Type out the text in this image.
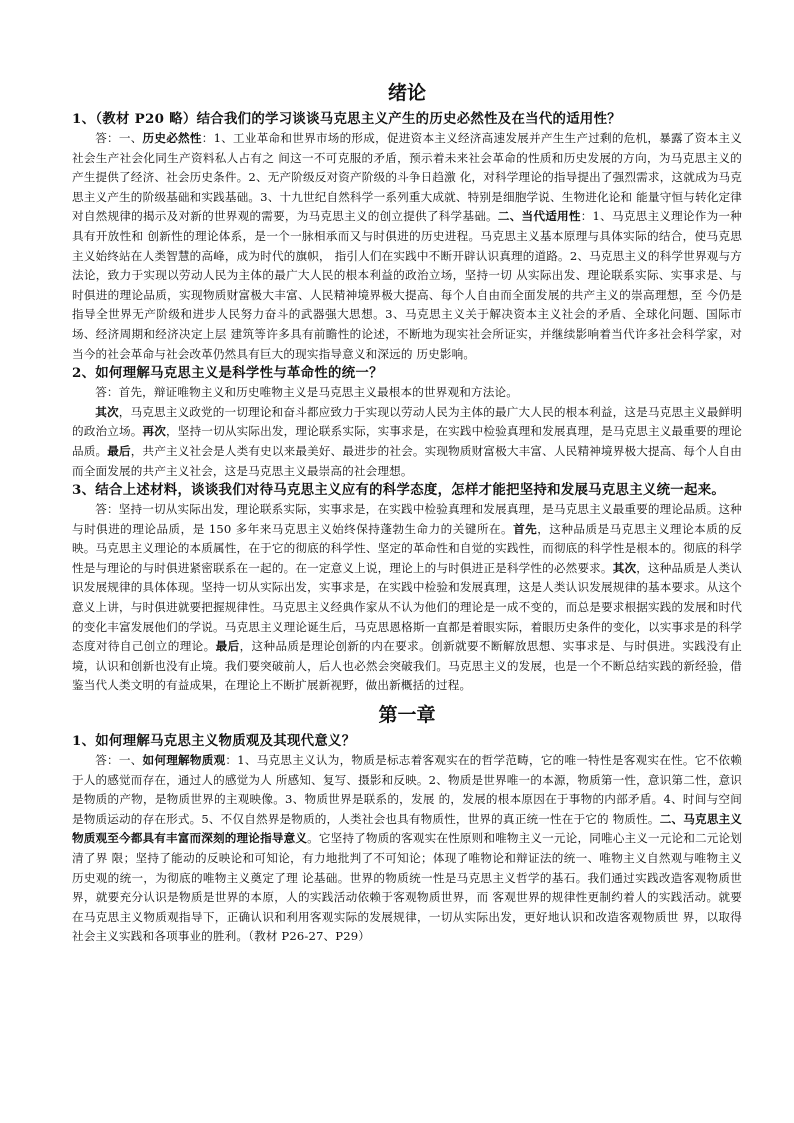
绪论

1、（教材 P20 略）结合我们的学习谈谈马克思主义产生的历史必然性及在当代的适用性？

答：一、历史必然性：1、工业革命和世界市场的形成，促进资本主义经济高速发展并产生生产过剩的危机，暴露了资本主义社会生产社会化同生产资料私人占有之 间这一不可克服的矛盾，预示着未来社会革命的性质和历史发展的方向，为马克思主义的产生提供了经济、社会历史条件。2、无产阶级反对资产阶级的斗争日趋激 化，对科学理论的指导提出了强烈需求，这就成为马克思主义产生的阶级基础和实践基础。3、十九世纪自然科学一系列重大成就、特别是细胞学说、生物进化论和 能量守恒与转化定律对自然规律的揭示及对新的世界观的需要，为马克思主义的创立提供了科学基础。二、当代适用性：1、马克思主义理论作为一种具有开放性和 创新性的理论体系，是一个一脉相承而又与时俱进的历史进程。马克思主义基本原理与具体实际的结合，使马克思主义始终站在人类智慧的高峰，成为时代的旗帜， 指引人们在实践中不断开辟认识真理的道路。2、马克思主义的科学世界观与方法论，致力于实现以劳动人民为主体的最广大人民的根本利益的政治立场，坚持一切 从实际出发、理论联系实际、实事求是、与时俱进的理论品质，实现物质财富极大丰富、人民精神境界极大提高、每个人自由而全面发展的共产主义的崇高理想，至 今仍是指导全世界无产阶级和进步人民努力奋斗的武器强大思想。3、马克思主义关于解决资本主义社会的矛盾、全球化问题、国际市场、经济周期和经济决定上层 建筑等许多具有前瞻性的论述，不断地为现实社会所证实，并继续影响着当代许多社会科学家，对当今的社会革命与社会改革仍然具有巨大的现实指导意义和深远的 历史影响。

2、如何理解马克思主义是科学性与革命性的统一？

答：首先，辩证唯物主义和历史唯物主义是马克思主义最根本的世界观和方法论。

其次，马克思主义政党的一切理论和奋斗都应致力于实现以劳动人民为主体的最广大人民的根本利益，这是马克思主义最鲜明的政治立场。再次，坚持一切从实际出发，理论联系实际，实事求是，在实践中检验真理和发展真理，是马克思主义最重要的理论品质。最后，共产主义社会是人类有史以来最美好、最进步的社会。实现物质财富极大丰富、人民精神境界极大提高、每个人自由而全面发展的共产主义社会，这是马克思主义最崇高的社会理想。

3、结合上述材料，谈谈我们对待马克思主义应有的科学态度，怎样才能把坚持和发展马克思主义统一起来。

答：坚持一切从实际出发，理论联系实际，实事求是，在实践中检验真理和发展真理，是马克思主义最重要的理论品质。这种与时俱进的理论品质，是 150 多年来马克思主义始终保持蓬勃生命力的关键所在。首先，这种品质是马克思主义理论本质的反映。马克思主义理论的本质属性，在于它的彻底的科学性、坚定的革命性和自觉的实践性，而彻底的科学性是根本的。彻底的科学性是与理论的与时俱进紧密联系在一起的。在一定意义上说，理论上的与时俱进正是科学性的必然要求。其次，这种品质是人类认识发展规律的具体体现。坚持一切从实际出发，实事求是，在实践中检验和发展真理，这是人类认识发展规律的基本要求。从这个意义上讲，与时俱进就要把握规律性。马克思主义经典作家从不认为他们的理论是一成不变的，而总是要求根据实践的发展和时代的变化丰富发展他们的学说。马克思主义理论诞生后，马克思恩格斯一直都是着眼实际，着眼历史条件的变化，以实事求是的科学态度对待自己创立的理论。最后，这种品质是理论创新的内在要求。创新就要不断解放思想、实事求是、与时俱进。实践没有止境，认识和创新也没有止境。我们要突破前人，后人也必然会突破我们。马克思主义的发展，也是一个不断总结实践的新经验，借鉴当代人类文明的有益成果，在理论上不断扩展新视野，做出新概括的过程。

第一章

1、如何理解马克思主义物质观及其现代意义？

答：一、如何理解物质观：1、马克思主义认为，物质是标志着客观实在的哲学范畴，它的唯一特性是客观实在性。它不依赖于人的感觉而存在，通过人的感觉为人 所感知、复写、摄影和反映。2、物质是世界唯一的本源，物质第一性，意识第二性，意识是物质的产物，是物质世界的主观映像。3、物质世界是联系的，发展 的，发展的根本原因在于事物的内部矛盾。4、时间与空间是物质运动的存在形式。5、不仅自然界是物质的，人类社会也具有物质性，世界的真正统一性在于它的 物质性。二、马克思主义物质观至今都具有丰富而深刻的理论指导意义。它坚持了物质的客观实在性原则和唯物主义一元论，同唯心主义一元论和二元论划清了界 限；坚持了能动的反映论和可知论，有力地批判了不可知论；体现了唯物论和辩证法的统一、唯物主义自然观与唯物主义历史观的统一，为彻底的唯物主义奠定了理 论基础。世界的物质统一性是马克思主义哲学的基石。我们通过实践改造客观物质世界，就要充分认识是物质是世界的本原，人的实践活动依赖于客观物质世界，而 客观世界的规律性更制约着人的实践活动。就要在马克思主义物质观指导下，正确认识和利用客观实际的发展规律，一切从实际出发，更好地认识和改造客观物质世 界，以取得社会主义实践和各项事业的胜利。（教材 P26-27、P29）
